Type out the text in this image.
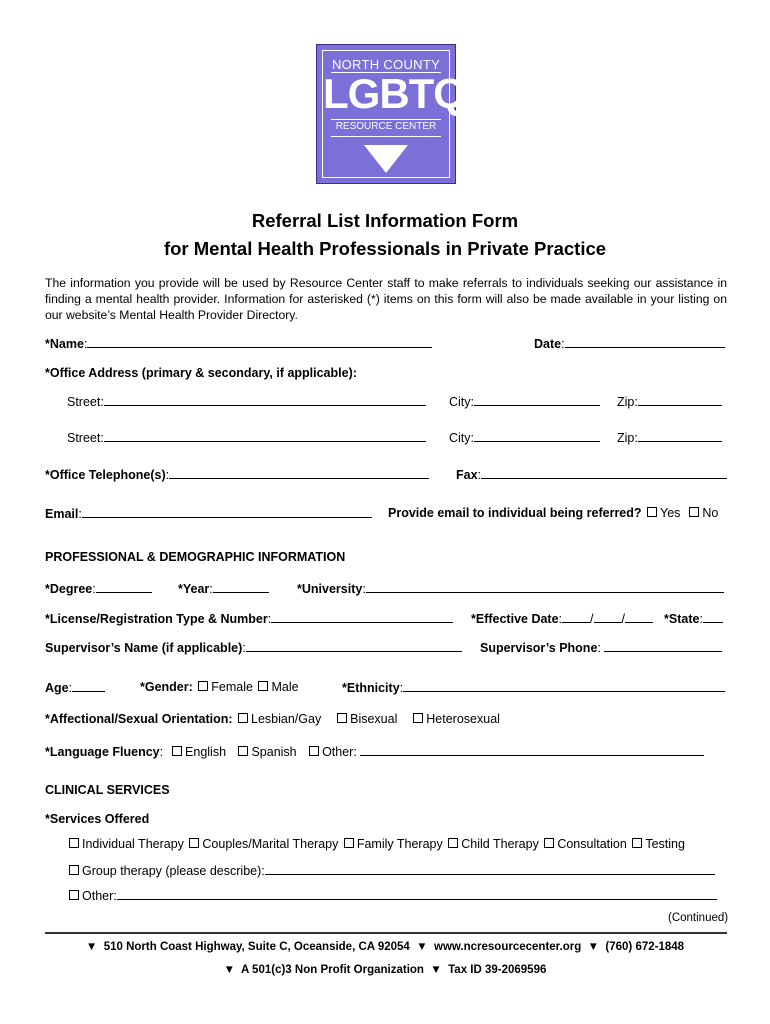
NORTH COUNTY
LGBTQ
RESOURCE CENTER
Referral List Information Form
for Mental Health Professionals in Private Practice
The information you provide will be used by Resource Center staff to make referrals to individuals seeking our assistance in finding a mental health provider. Information for asterisked (*) items on this form will also be made available in your listing on our website’s Mental Health Provider Directory.
*Name:	Date:
*Office Address (primary & secondary, if applicable):
Street:	City:	Zip:
Street:	City:	Zip:
*Office Telephone(s):	Fax:
Email:	Provide email to individual being referred? Yes No
PROFESSIONAL & DEMOGRAPHIC INFORMATION
*Degree:	*Year:	*University:
*License/Registration Type & Number:	*Effective Date: / /	*State:
Supervisor’s Name (if applicable):	Supervisor’s Phone:
Age:	*Gender: Female Male	*Ethnicity:
*Affectional/Sexual Orientation: Lesbian/Gay Bisexual Heterosexual
*Language Fluency:  English Spanish Other:
CLINICAL SERVICES
*Services Offered
Individual Therapy Couples/Marital Therapy Family Therapy Child Therapy Consultation Testing
Group therapy (please describe):
Other:
(Continued)
▼ 510 North Coast Highway, Suite C, Oceanside, CA 92054 ▼ www.ncresourcecenter.org ▼ (760) 672-1848
▼ A 501(c)3 Non Profit Organization ▼ Tax ID 39-2069596
